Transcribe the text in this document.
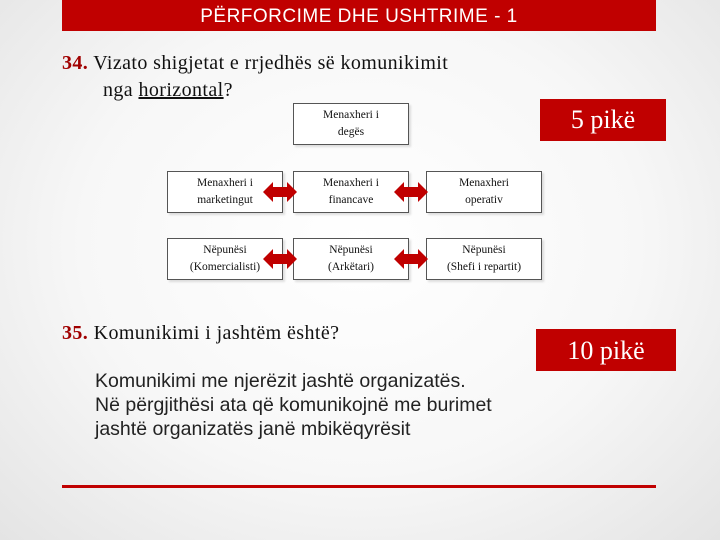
PËRFORCIME DHE USHTRIME - 1
34. Vizato shigjetat e rrjedhës së komunikimit
nga horizontal?
5 pikë
Menaxheri i
degës
Menaxheri i
marketingut
Menaxheri i
financave
Menaxheri
operativ
Nëpunësi
(Komercialisti)
Nëpunësi
(Arkëtari)
Nëpunësi
(Shefi i repartit)
35. Komunikimi i jashtëm është?
10 pikë
Komunikimi me njerëzit jashtë organizatës.
Në përgjithësi ata që komunikojnë me burimet
jashtë organizatës janë mbikëqyrësit
